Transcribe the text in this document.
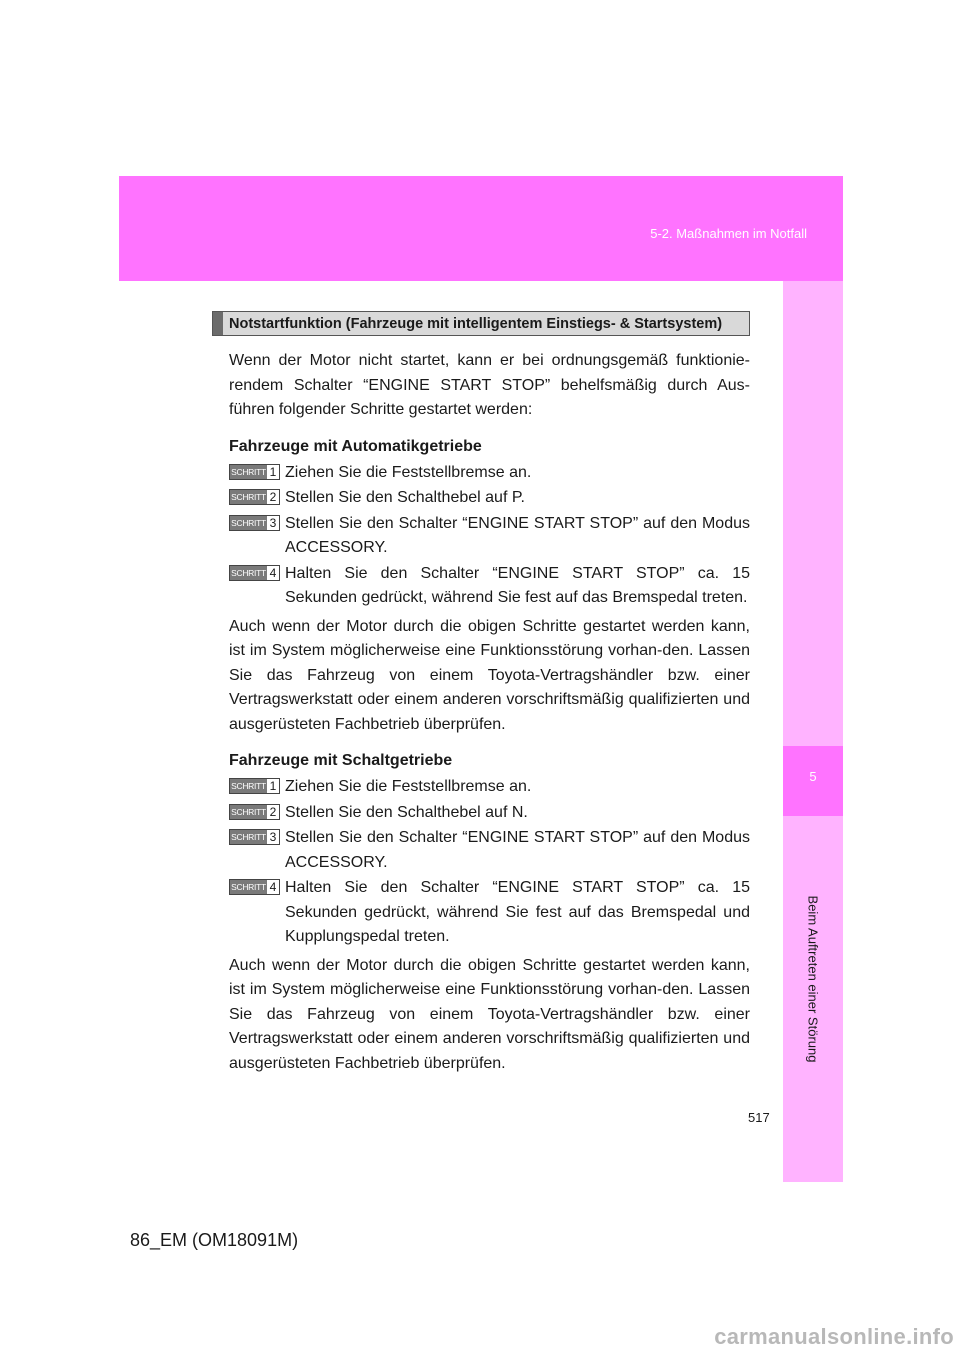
5-2. Maßnahmen im Notfall
5
Beim Auftreten einer Störung
Notstartfunktion (Fahrzeuge mit intelligentem Einstiegs- & Startsystem)

Wenn der Motor nicht startet, kann er bei ordnungsgemäß funktionie-rendem Schalter “ENGINE START STOP” behelfsmäßig durch Aus-führen folgender Schritte gestartet werden:

Fahrzeuge mit Automatikgetriebe
SCHRITT 1 Ziehen Sie die Feststellbremse an.
SCHRITT 2 Stellen Sie den Schalthebel auf P.
SCHRITT 3 Stellen Sie den Schalter “ENGINE START STOP” auf den Modus ACCESSORY.
SCHRITT 4 Halten Sie den Schalter “ENGINE START STOP” ca. 15 Sekunden gedrückt, während Sie fest auf das Bremspedal treten.

Auch wenn der Motor durch die obigen Schritte gestartet werden kann, ist im System möglicherweise eine Funktionsstörung vorhan-den. Lassen Sie das Fahrzeug von einem Toyota-Vertragshändler bzw. einer Vertragswerkstatt oder einem anderen vorschriftsmäßig qualifizierten und ausgerüsteten Fachbetrieb überprüfen.

Fahrzeuge mit Schaltgetriebe
SCHRITT 1 Ziehen Sie die Feststellbremse an.
SCHRITT 2 Stellen Sie den Schalthebel auf N.
SCHRITT 3 Stellen Sie den Schalter “ENGINE START STOP” auf den Modus ACCESSORY.
SCHRITT 4 Halten Sie den Schalter “ENGINE START STOP” ca. 15 Sekunden gedrückt, während Sie fest auf das Bremspedal und Kupplungspedal treten.

Auch wenn der Motor durch die obigen Schritte gestartet werden kann, ist im System möglicherweise eine Funktionsstörung vorhan-den. Lassen Sie das Fahrzeug von einem Toyota-Vertragshändler bzw. einer Vertragswerkstatt oder einem anderen vorschriftsmäßig qualifizierten und ausgerüsteten Fachbetrieb überprüfen.

517
86_EM (OM18091M)
carmanualsonline.info
